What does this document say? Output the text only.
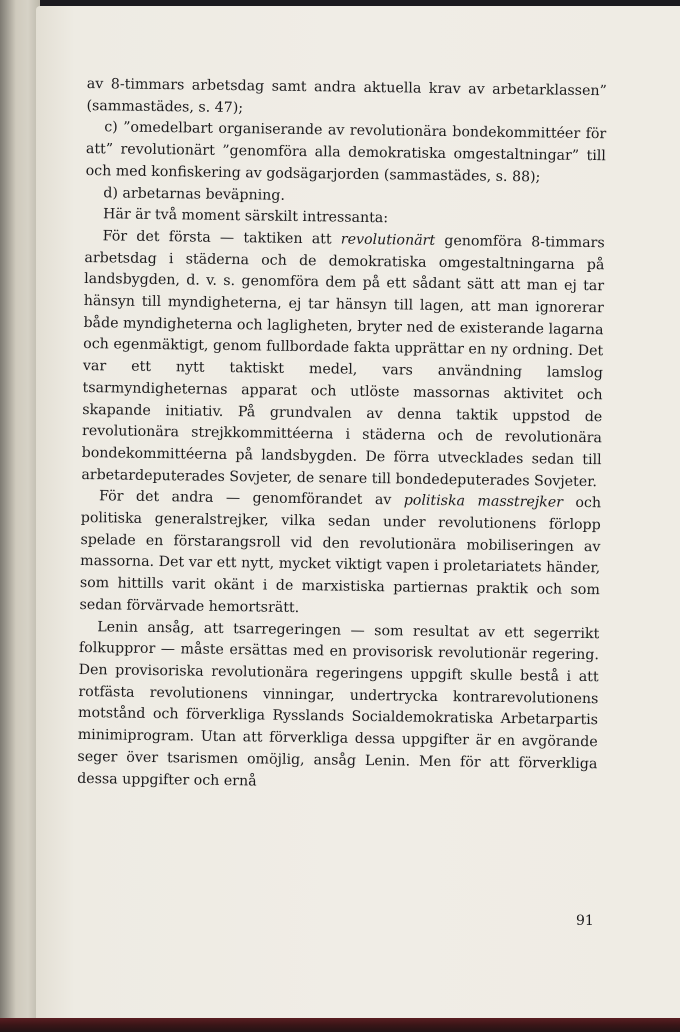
av 8-timmars arbetsdag samt andra aktuella krav av arbetarklassen” (sammastädes, s. 47);

c) ”omedelbart organiserande av revolutionära bondekommittéer för att” revolutionärt ”genomföra alla demokratiska omgestaltningar” till och med konfiskering av godsägarjorden (sammastädes, s. 88);

d) arbetarnas beväpning.

Här är två moment särskilt intressanta:

För det första — taktiken att revolutionärt genomföra 8-timmars arbetsdag i städerna och de demokratiska omgestaltningarna på landsbygden, d. v. s. genomföra dem på ett sådant sätt att man ej tar hänsyn till myndigheterna, ej tar hänsyn till lagen, att man ignorerar både myndigheterna och lagligheten, bryter ned de existerande lagarna och egenmäktigt, genom fullbordade fakta upprättar en ny ordning. Det var ett nytt taktiskt medel, vars användning lamslog tsarmyndigheternas apparat och utlöste massornas aktivitet och skapande initiativ. På grundvalen av denna taktik uppstod de revolutionära strejkkommittéerna i städerna och de revolutionära bondekommittéerna på landsbygden. De förra utvecklades sedan till arbetardeputerades Sovjeter, de senare till bondedeputerades Sovjeter.

För det andra — genomförandet av politiska masstrejker och politiska generalstrejker, vilka sedan under revolutionens förlopp spelade en förstarangsroll vid den revolutionära mobiliseringen av massorna. Det var ett nytt, mycket viktigt vapen i proletariatets händer, som hittills varit okänt i de marxistiska partiernas praktik och som sedan förvärvade hemortsrätt.

Lenin ansåg, att tsarregeringen — som resultat av ett segerrikt folkuppror — måste ersättas med en provisorisk revolutionär regering. Den provisoriska revolutionära regeringens uppgift skulle bestå i att rotfästa revolutionens vinningar, undertrycka kontrarevolutionens motstånd och förverkliga Rysslands Socialdemokratiska Arbetarpartis minimiprogram. Utan att förverkliga dessa uppgifter är en avgörande seger över tsarismen omöjlig, ansåg Lenin. Men för att förverkliga dessa uppgifter och ernå

91
